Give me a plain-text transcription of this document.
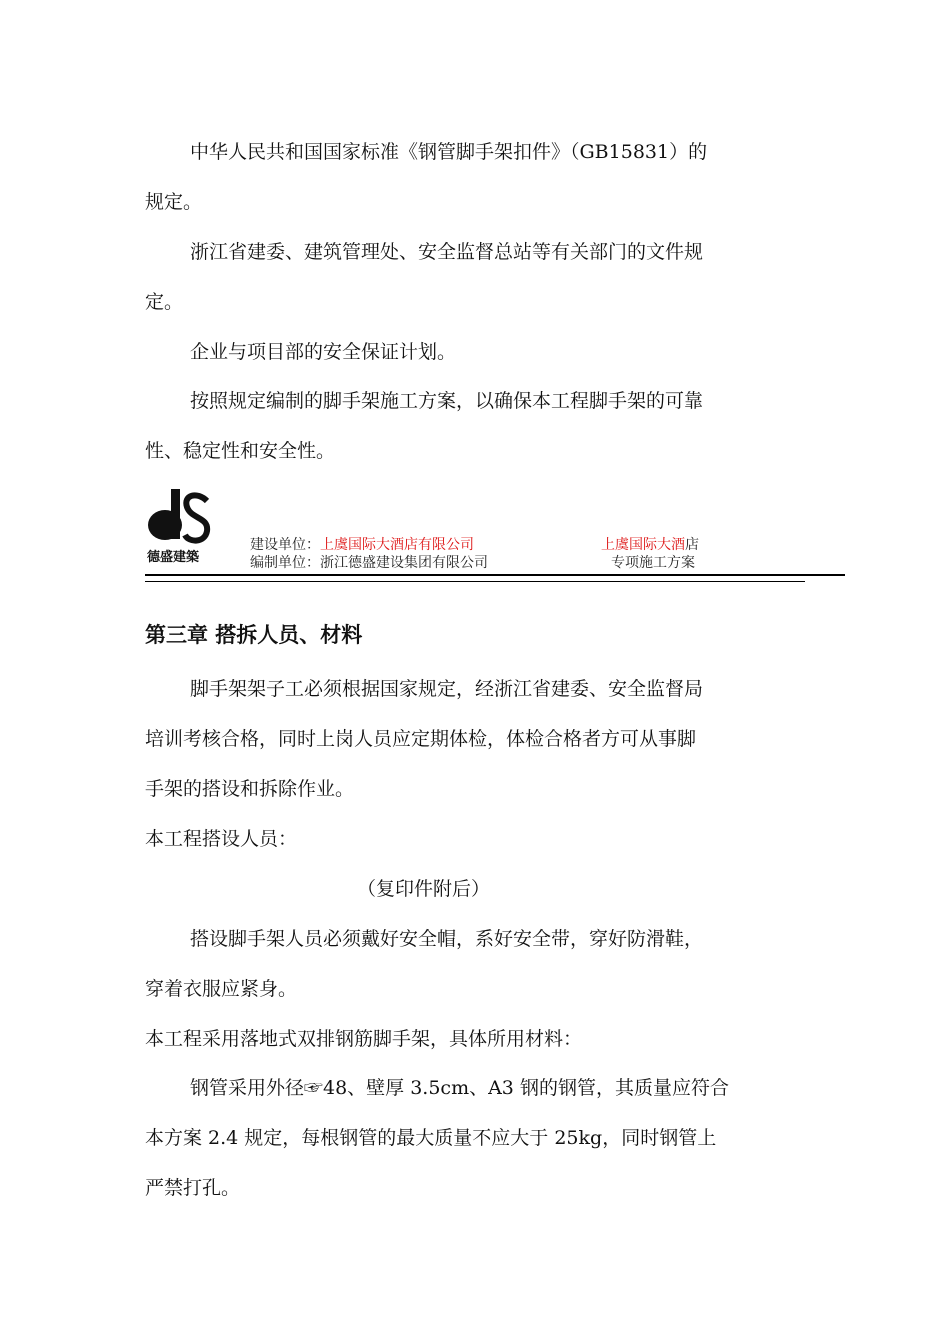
中华人民共和国国家标准《钢管脚手架扣件》（GB15831）的

规定。

浙江省建委、建筑管理处、安全监督总站等有关部门的文件规

定。

企业与项目部的安全保证计划。

按照规定编制的脚手架施工方案，以确保本工程脚手架的可靠

性、稳定性和安全性。

德盛建築
建设单位：上虞国际大酒店有限公司
编制单位：浙江德盛建设集团有限公司
上虞国际大酒店
专项施工方案
第三章 搭拆人员、材料

脚手架架子工必须根据国家规定，经浙江省建委、安全监督局

培训考核合格，同时上岗人员应定期体检，体检合格者方可从事脚

手架的搭设和拆除作业。

本工程搭设人员：

（复印件附后）

搭设脚手架人员必须戴好安全帽，系好安全带，穿好防滑鞋，

穿着衣服应紧身。

本工程采用落地式双排钢筋脚手架，具体所用材料：

钢管采用外径☞48、壁厚 3.5cm、A3 钢的钢管，其质量应符合

本方案 2.4 规定，每根钢管的最大质量不应大于 25kg，同时钢管上

严禁打孔。
